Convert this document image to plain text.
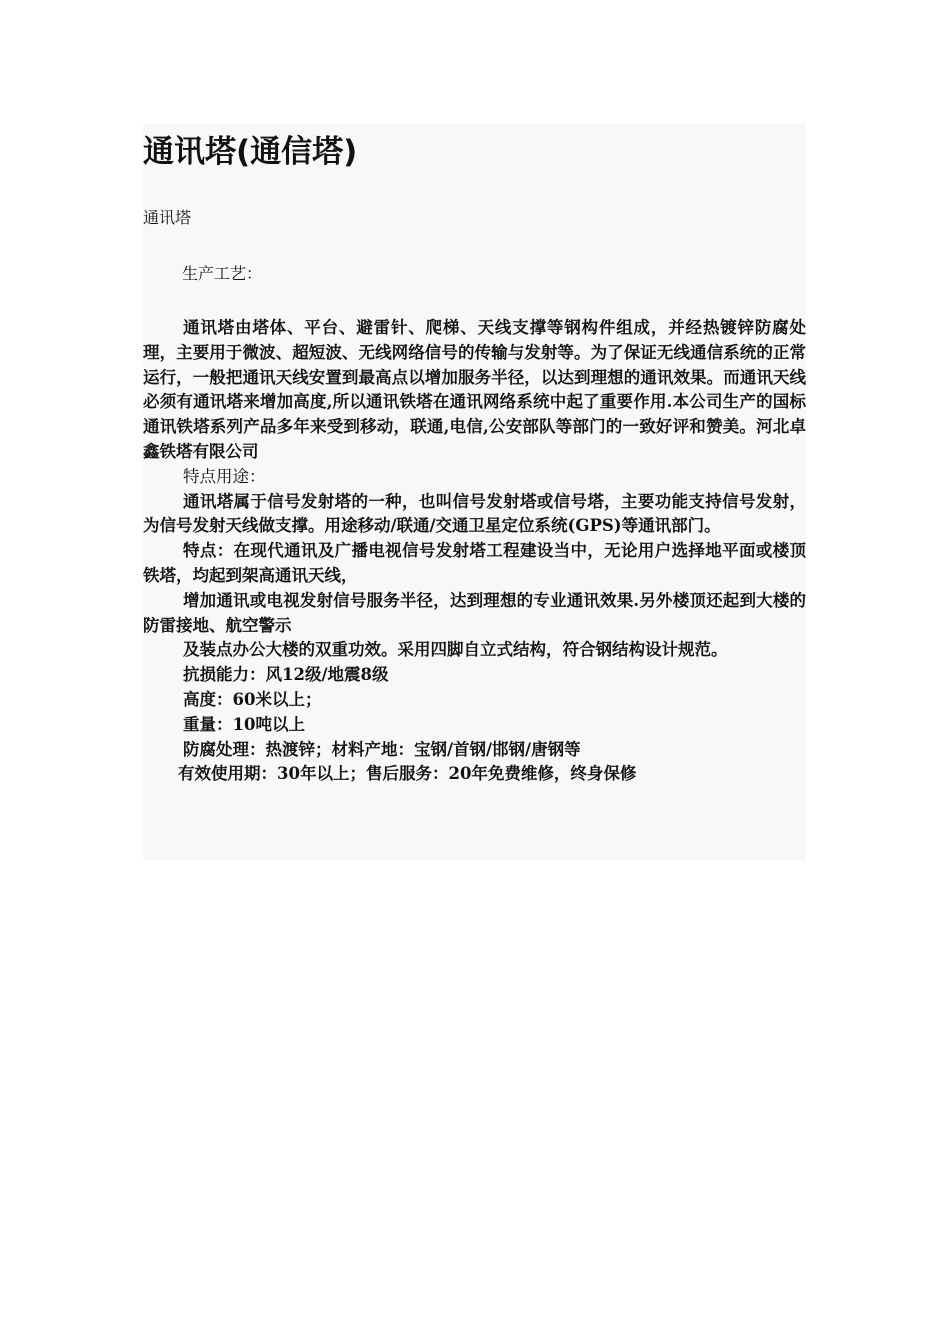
通讯塔(通信塔)
通讯塔
生产工艺：

通讯塔由塔体、平台、避雷针、爬梯、天线支撑等钢构件组成，并经热镀锌防腐处理，主要用于微波、超短波、无线网络信号的传输与发射等。为了保证无线通信系统的正常运行，一般把通讯天线安置到最高点以增加服务半径，以达到理想的通讯效果。而通讯天线必须有通讯塔来增加高度,所以通讯铁塔在通讯网络系统中起了重要作用.本公司生产的国标通讯铁塔系列产品多年来受到移动，联通,电信,公安部队等部门的一致好评和赞美。河北卓鑫铁塔有限公司

特点用途：

通讯塔属于信号发射塔的一种，也叫信号发射塔或信号塔，主要功能支持信号发射，为信号发射天线做支撑。用途移动/联通/交通卫星定位系统(GPS)等通讯部门。

特点：在现代通讯及广播电视信号发射塔工程建设当中，无论用户选择地平面或楼顶铁塔，均起到架高通讯天线，

增加通讯或电视发射信号服务半径，达到理想的专业通讯效果.另外楼顶还起到大楼的防雷接地、航空警示

及装点办公大楼的双重功效。采用四脚自立式结构，符合钢结构设计规范。

抗损能力：风12级/地震8级

高度：60米以上；

重量：10吨以上

防腐处理：热渡锌；材料产地：宝钢/首钢/邯钢/唐钢等

有效使用期：30年以上；售后服务：20年免费维修，终身保修
